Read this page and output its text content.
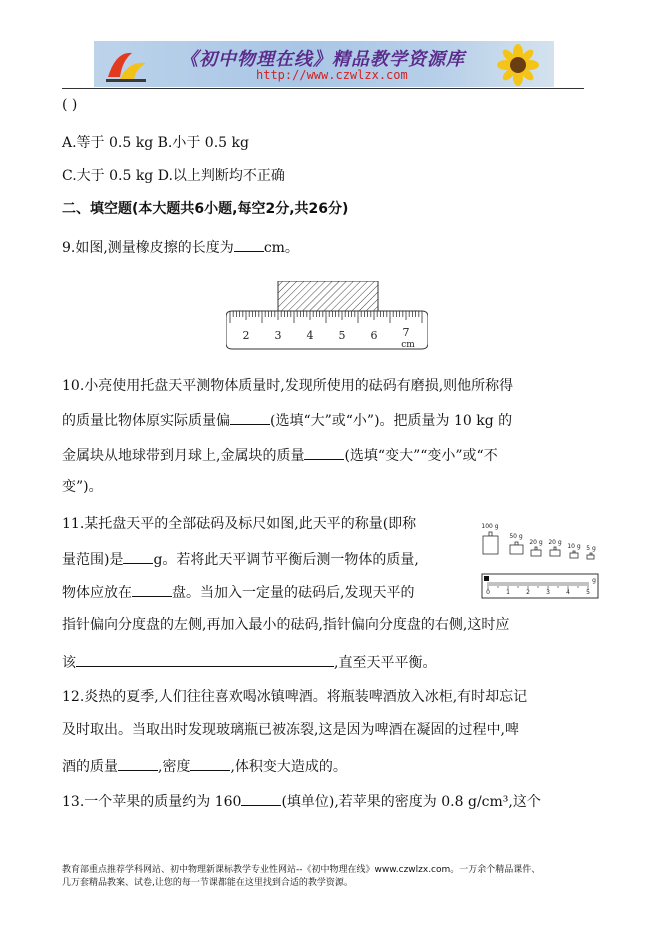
《初中物理在线》精品教学资源库
http://www.czwlzx.com
( )
A.等于 0.5 kg B.小于 0.5 kg
C.大于 0.5 kg D.以上判断均不正确
二、填空题(本大题共6小题,每空2分,共26分)
9.如图,测量橡皮擦的长度为 cm。
2 3 4 5 6 7
cm
10.小亮使用托盘天平测物体质量时,发现所使用的砝码有磨损,则他所称得
的质量比物体原实际质量偏	(选填“大”或“小”)。把质量为 10 kg 的
金属块从地球带到月球上,金属块的质量	(选填“变大”“变小”或“不
变”)。
11.某托盘天平的全部砝码及标尺如图,此天平的称量(即称
量范围)是 g。若将此天平调节平衡后测一物体的质量,
物体应放在	盘。当加入一定量的砝码后,发现天平的
100 g
50 g
20 g 20 g
10 g 5 g
0	1	2	3	4	5
g
指针偏向分度盘的左侧,再加入最小的砝码,指针偏向分度盘的右侧,这时应
该	,直至天平平衡。
12.炎热的夏季,人们往往喜欢喝冰镇啤酒。将瓶装啤酒放入冰柜,有时却忘记
及时取出。当取出时发现玻璃瓶已被冻裂,这是因为啤酒在凝固的过程中,啤
酒的质量	,密度	,体积变大造成的。
13.一个苹果的质量约为 160	(填单位),若苹果的密度为 0.8 g/cm³,这个
教育部重点推荐学科网站、初中物理新课标教学专业性网站--《初中物理在线》www.czwlzx.com。一万余个精品课件、
几万套精品教案、试卷,让您的每一节课都能在这里找到合适的教学资源。
